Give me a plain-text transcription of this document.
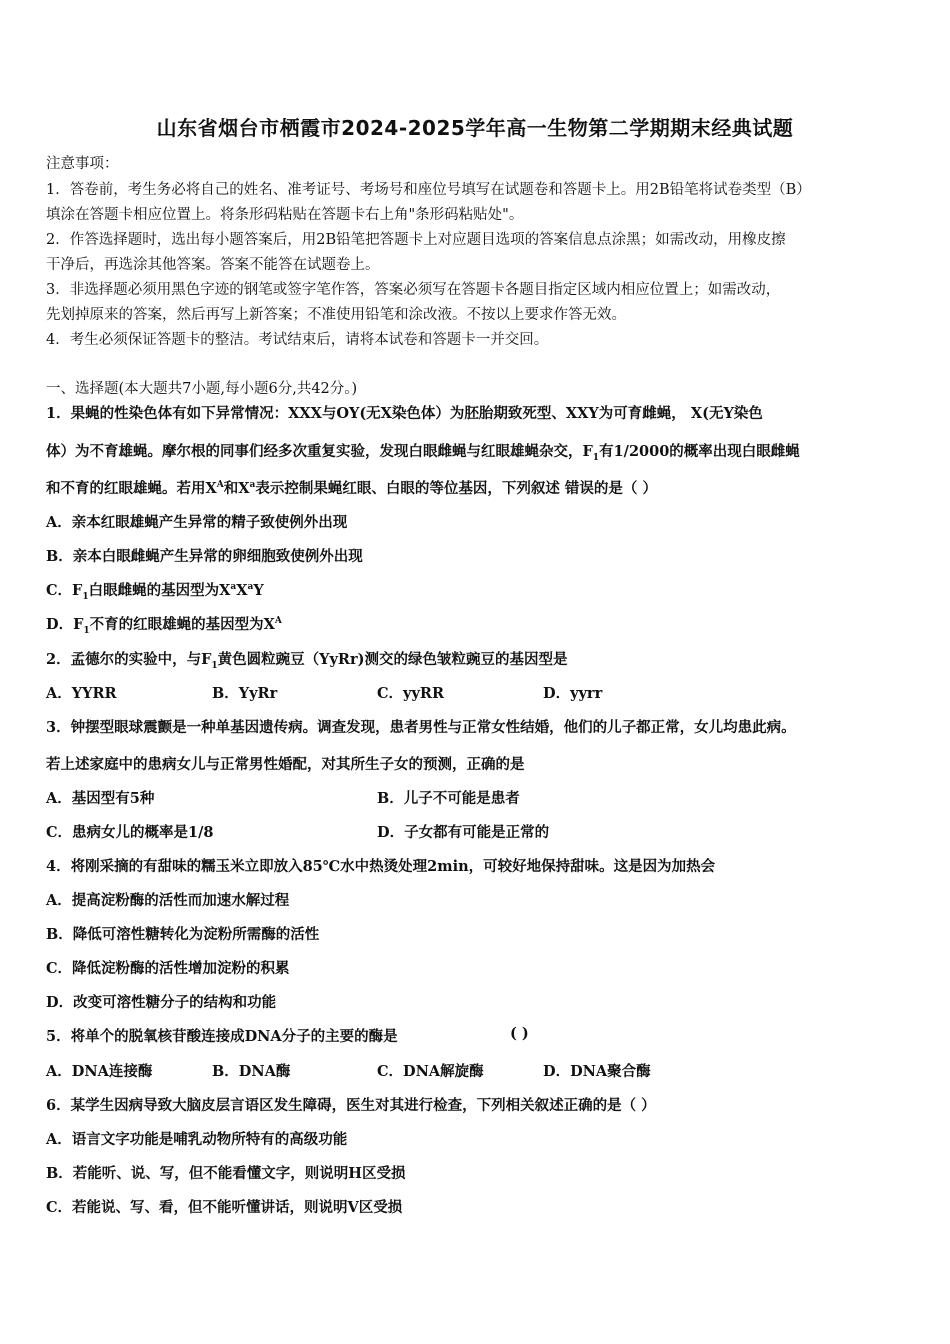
山东省烟台市栖霞市2024-2025学年高一生物第二学期期末经典试题
注意事项：
1．答卷前，考生务必将自己的姓名、准考证号、考场号和座位号填写在试题卷和答题卡上。用2B铅笔将试卷类型（B）
填涂在答题卡相应位置上。将条形码粘贴在答题卡右上角"条形码粘贴处"。
2．作答选择题时，选出每小题答案后，用2B铅笔把答题卡上对应题目选项的答案信息点涂黑；如需改动，用橡皮擦
干净后，再选涂其他答案。答案不能答在试题卷上。
3．非选择题必须用黑色字迹的钢笔或签字笔作答，答案必须写在答题卡各题目指定区域内相应位置上；如需改动，
先划掉原来的答案，然后再写上新答案；不准使用铅笔和涂改液。不按以上要求作答无效。
4．考生必须保证答题卡的整洁。考试结束后，请将本试卷和答题卡一并交回。
一、选择题(本大题共7小题,每小题6分,共42分。)
1．果蝇的性染色体有如下异常情况：XXX与OY(无X染色体）为胚胎期致死型、XXY为可育雌蝇， X(无Y染色
体）为不育雄蝇。摩尔根的同事们经多次重复实验，发现白眼雌蝇与红眼雄蝇杂交，$F_1$有1/2000的概率出现白眼雌蝇
和不育的红眼雄蝇。若用$X^A$和$X^a$表示控制果蝇红眼、白眼的等位基因，下列叙述 错误的是（ ）
A．亲本红眼雄蝇产生异常的精子致使例外出现
B．亲本白眼雌蝇产生异常的卵细胞致使例外出现
C．$F_1$白眼雌蝇的基因型为$X^aX^aY$
D．$F_1$不育的红眼雄蝇的基因型为$X^A$
2．孟德尔的实验中，与$F_1$黄色圆粒豌豆（YyRr)测交的绿色皱粒豌豆的基因型是
A．YYRR	B．YyRr	C．yyRR	D．yyrr
3．钟摆型眼球震颤是一种单基因遗传病。调查发现，患者男性与正常女性结婚，他们的儿子都正常，女儿均患此病。
若上述家庭中的患病女儿与正常男性婚配，对其所生子女的预测，正确的是
A．基因型有5种	B．儿子不可能是患者
C．患病女儿的概率是1/8	D．子女都有可能是正常的
4．将刚采摘的有甜味的糯玉米立即放入85℃水中热烫处理2min，可较好地保持甜味。这是因为加热会
A．提高淀粉酶的活性而加速水解过程
B．降低可溶性糖转化为淀粉所需酶的活性
C．降低淀粉酶的活性增加淀粉的积累
D．改变可溶性糖分子的结构和功能
5．将单个的脱氧核苷酸连接成DNA分子的主要的酶是	( )
A．DNA连接酶	B．DNA酶	C．DNA解旋酶	D．DNA聚合酶
6．某学生因病导致大脑皮层言语区发生障碍，医生对其进行检查，下列相关叙述正确的是（ ）
A．语言文字功能是哺乳动物所特有的高级功能
B．若能听、说、写，但不能看懂文字，则说明H区受损
C．若能说、写、看，但不能听懂讲话，则说明V区受损
